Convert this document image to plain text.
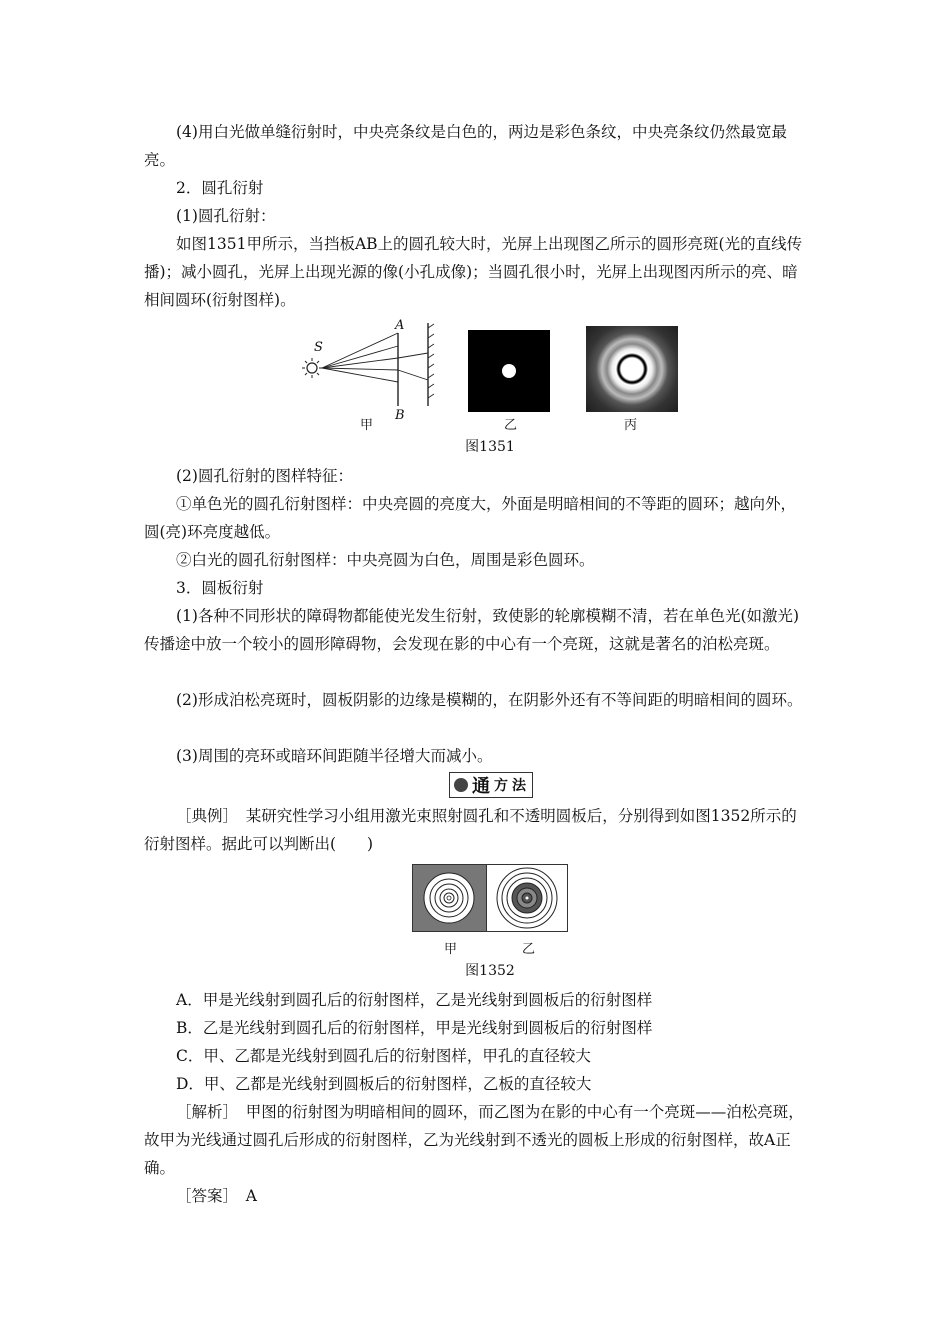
(4)用白光做单缝衍射时，中央亮条纹是白色的，两边是彩色条纹，中央亮条纹仍然最宽最亮。

2．圆孔衍射

(1)圆孔衍射：

如图1351甲所示，当挡板AB上的圆孔较大时，光屏上出现图乙所示的圆形亮斑(光的直线传播)；减小圆孔，光屏上出现光源的像(小孔成像)；当圆孔很小时，光屏上出现图丙所示的亮、暗相间圆环(衍射图样)。

S
A
B
甲	乙	丙
图1351

(2)圆孔衍射的图样特征：

①单色光的圆孔衍射图样：中央亮圆的亮度大，外面是明暗相间的不等距的圆环；越向外，圆(亮)环亮度越低。

②白光的圆孔衍射图样：中央亮圆为白色，周围是彩色圆环。

3．圆板衍射

(1)各种不同形状的障碍物都能使光发生衍射，致使影的轮廓模糊不清，若在单色光(如激光)传播途中放一个较小的圆形障碍物，会发现在影的中心有一个亮斑，这就是著名的泊松亮斑。

(2)形成泊松亮斑时，圆板阴影的边缘是模糊的，在阴影外还有不等间距的明暗相间的圆环。

(3)周围的亮环或暗环间距随半径增大而减小。

通 方法

［典例］　某研究性学习小组用激光束照射圆孔和不透明圆板后，分别得到如图1352所示的衍射图样。据此可以判断出(　　)

甲	乙
图1352

A．甲是光线射到圆孔后的衍射图样，乙是光线射到圆板后的衍射图样

B．乙是光线射到圆孔后的衍射图样，甲是光线射到圆板后的衍射图样

C．甲、乙都是光线射到圆孔后的衍射图样，甲孔的直径较大

D．甲、乙都是光线射到圆板后的衍射图样，乙板的直径较大

［解析］　甲图的衍射图为明暗相间的圆环，而乙图为在影的中心有一个亮斑——泊松亮斑，故甲为光线通过圆孔后形成的衍射图样，乙为光线射到不透光的圆板上形成的衍射图样，故A正确。

［答案］　A
